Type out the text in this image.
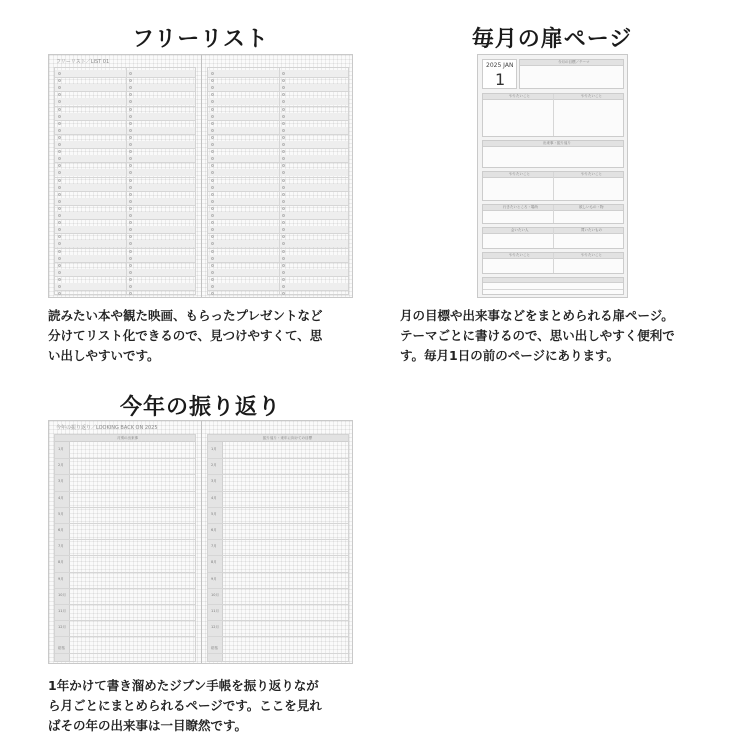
フリーリスト
フリーリスト／LIST 01
読みたい本や観た映画、もらったプレゼントなど
分けてリスト化できるので、見つけやすくて、思
い出しやすいです。
毎月の扉ページ
2025 JAN
1
今月の目標／テーマ
やりたいこと	やりたいこと
出来事・振り返り
やりたいこと	やりたいこと
行きたいところ・場所	欲しいもの・物
会いたい人	買いたいもの
やりたいこと	やりたいこと
月の目標や出来事などをまとめられる扉ページ。
テーマごとに書けるので、思い出しやすく便利で
す。毎月1日の前のページにあります。
今年の振り返り
今年の振り返り／LOOKING BACK ON 2025
月別の出来事
1月
2月
3月
4月
5月
6月
7月
8月
9月
10月
11月
12月
総括
振り返り・来年に向けての目標
1月
2月
3月
4月
5月
6月
7月
8月
9月
10月
11月
12月
総括
1年かけて書き溜めたジブン手帳を振り返りなが
ら月ごとにまとめられるページです。ここを見れ
ばその年の出来事は一目瞭然です。
